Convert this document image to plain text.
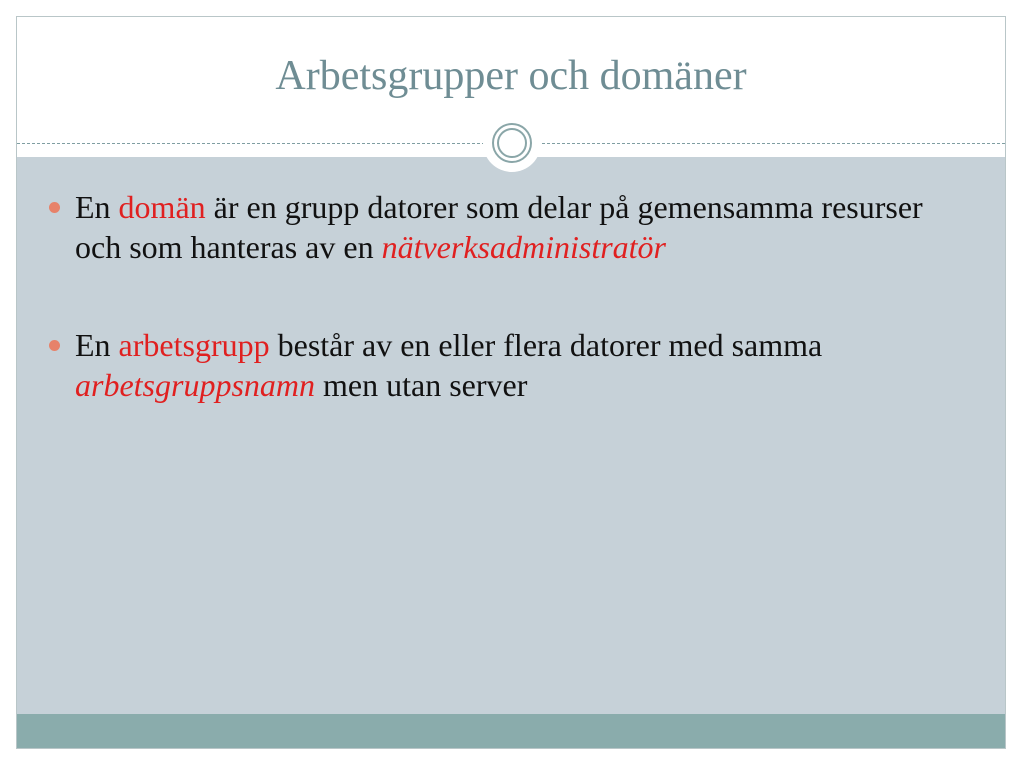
Arbetsgrupper och domäner
En domän är en grupp datorer som delar på gemensamma resurser och som hanteras av en nätverksadministratör
En arbetsgrupp består av en eller flera datorer med samma arbetsgruppsnamn men utan server
